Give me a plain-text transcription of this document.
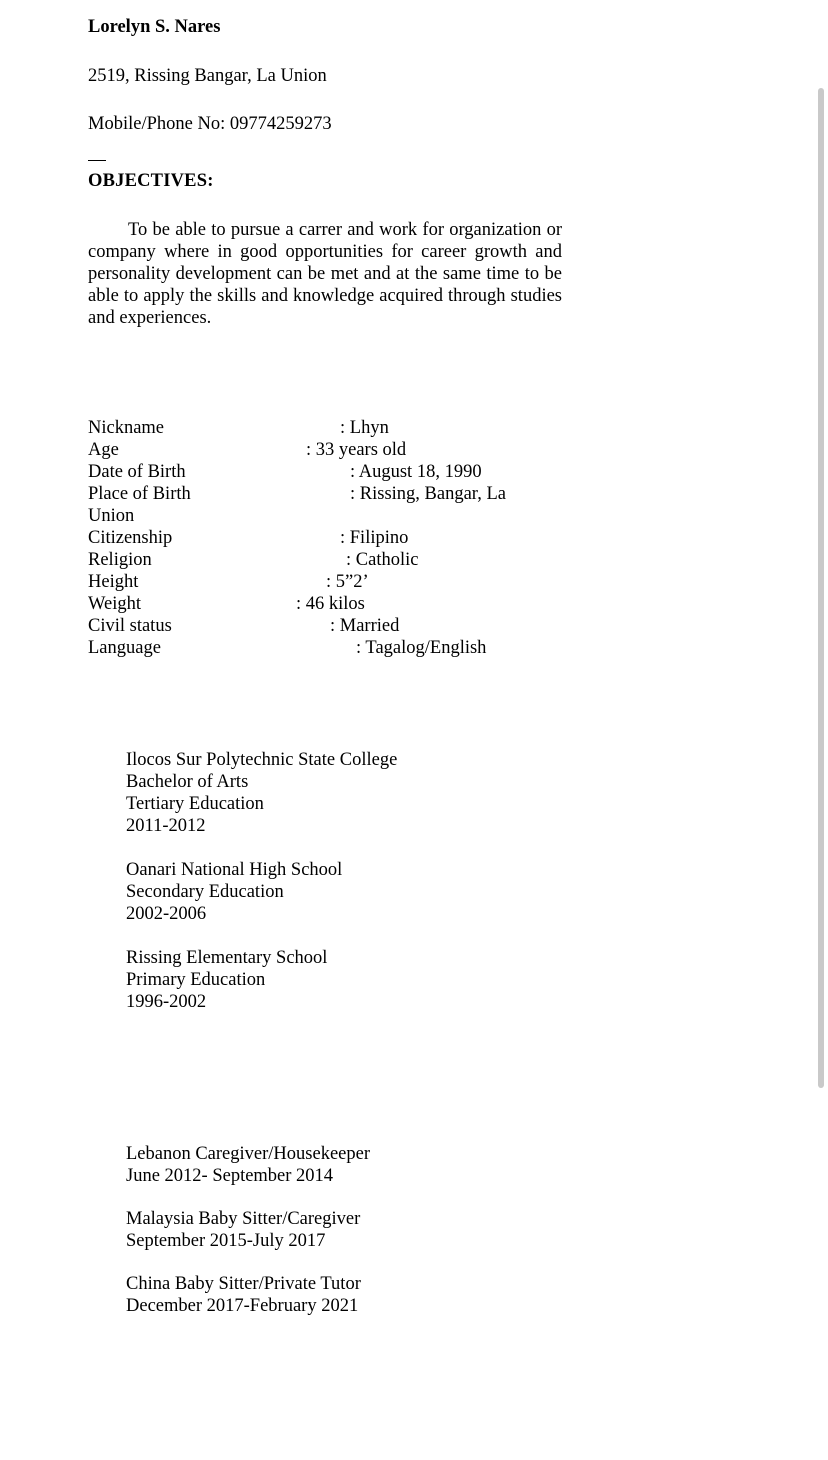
Lorelyn S. Nares
2519, Rissing Bangar, La Union
Mobile/Phone No: 09774259273
OBJECTIVES:
To be able to pursue a carrer and work for organization or company where in good opportunities for career growth and personality development can be met and at the same time to be able to apply the skills and knowledge acquired through studies and experiences.
Nickname	: Lhyn
Age	: 33 years old
Date of Birth	: August 18, 1990
Place of Birth	: Rissing, Bangar, La
Union
Citizenship	: Filipino
Religion	: Catholic
Height	: 5”2’
Weight	: 46 kilos
Civil status	: Married
Language	: Tagalog/English
Ilocos Sur Polytechnic State College
Bachelor of Arts
Tertiary Education
2011-2012
Oanari National High School
Secondary Education
2002-2006
Rissing Elementary School
Primary Education
1996-2002
Lebanon Caregiver/Housekeeper
June 2012- September 2014
Malaysia Baby Sitter/Caregiver
September 2015-July 2017
China Baby Sitter/Private Tutor
December 2017-February 2021
